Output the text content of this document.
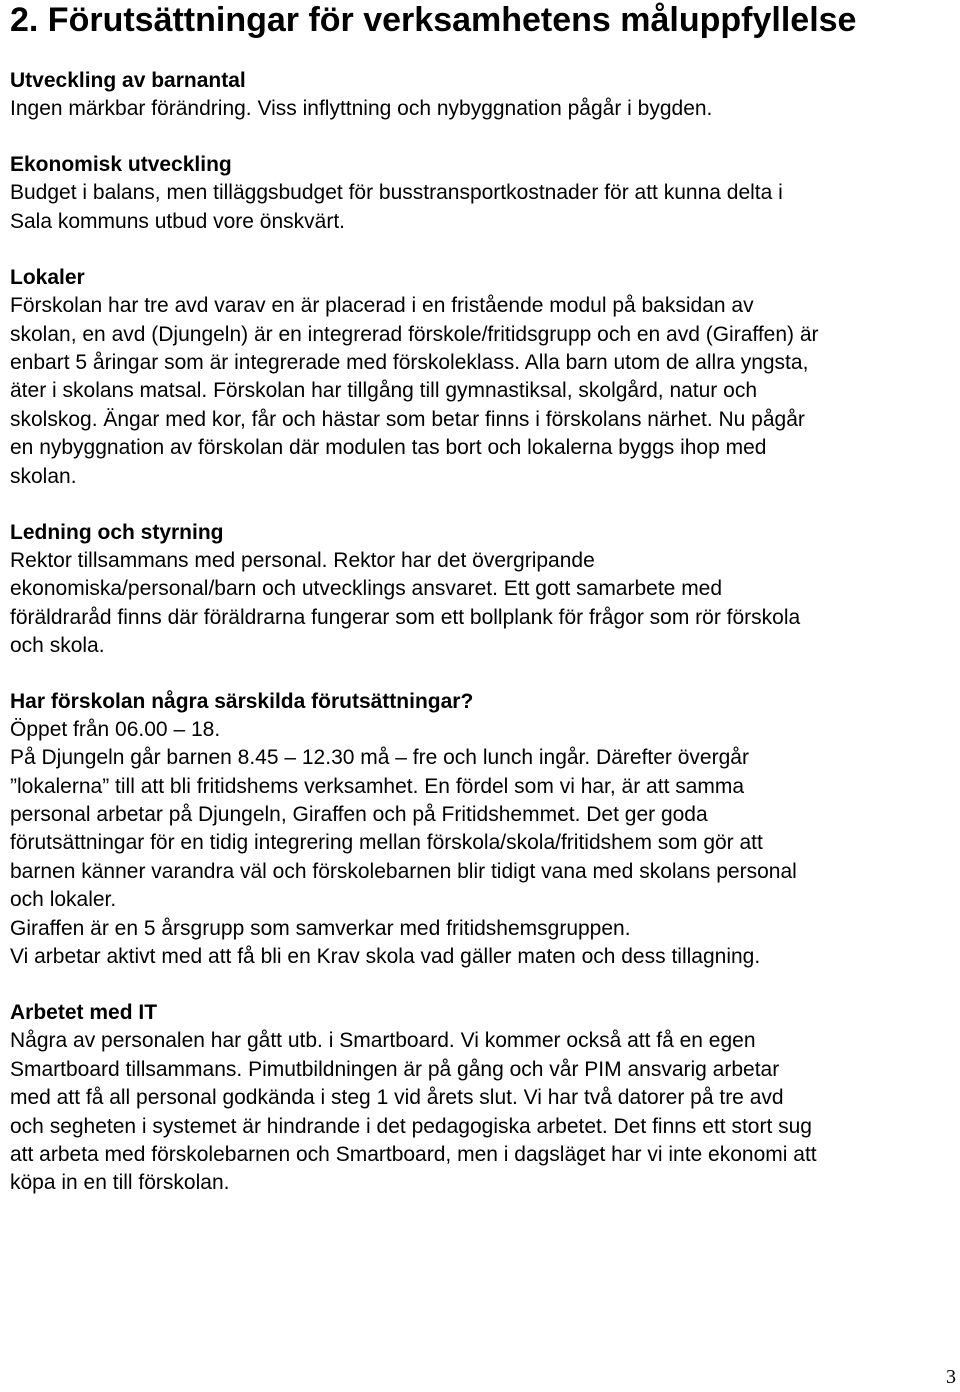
2. Förutsättningar för verksamhetens måluppfyllelse
Utveckling av barnantal

Ingen märkbar förändring. Viss inflyttning och nybyggnation pågår i bygden.

Ekonomisk utveckling

Budget i balans, men tilläggsbudget för busstransportkostnader för att kunna delta i
Sala kommuns utbud vore önskvärt.

Lokaler

Förskolan har tre avd varav en är placerad i en fristående modul på baksidan av
skolan, en avd (Djungeln) är en integrerad förskole/fritidsgrupp och en avd (Giraffen) är
enbart 5 åringar som är integrerade med förskoleklass. Alla barn utom de allra yngsta,
äter i skolans matsal. Förskolan har tillgång till gymnastiksal, skolgård, natur och
skolskog. Ängar med kor, får och hästar som betar finns i förskolans närhet. Nu pågår
en nybyggnation av förskolan där modulen tas bort och lokalerna byggs ihop med
skolan.

Ledning och styrning

Rektor tillsammans med personal. Rektor har det övergripande
ekonomiska/personal/barn och utvecklings ansvaret. Ett gott samarbete med
föräldraråd finns där föräldrarna fungerar som ett bollplank för frågor som rör förskola
och skola.

Har förskolan några särskilda förutsättningar?

Öppet från 06.00 – 18.

På Djungeln går barnen 8.45 – 12.30 må – fre och lunch ingår. Därefter övergår
”lokalerna” till att bli fritidshems verksamhet. En fördel som vi har, är att samma
personal arbetar på Djungeln, Giraffen och på Fritidshemmet. Det ger goda
förutsättningar för en tidig integrering mellan förskola/skola/fritidshem som gör att
barnen känner varandra väl och förskolebarnen blir tidigt vana med skolans personal
och lokaler.

Giraffen är en 5 årsgrupp som samverkar med fritidshemsgruppen.

Vi arbetar aktivt med att få bli en Krav skola vad gäller maten och dess tillagning.

Arbetet med IT

Några av personalen har gått utb. i Smartboard. Vi kommer också att få en egen
Smartboard tillsammans. Pimutbildningen är på gång och vår PIM ansvarig arbetar
med att få all personal godkända i steg 1 vid årets slut. Vi har två datorer på tre avd
och segheten i systemet är hindrande i det pedagogiska arbetet. Det finns ett stort sug
att arbeta med förskolebarnen och Smartboard, men i dagsläget har vi inte ekonomi att
köpa in en till förskolan.

3
